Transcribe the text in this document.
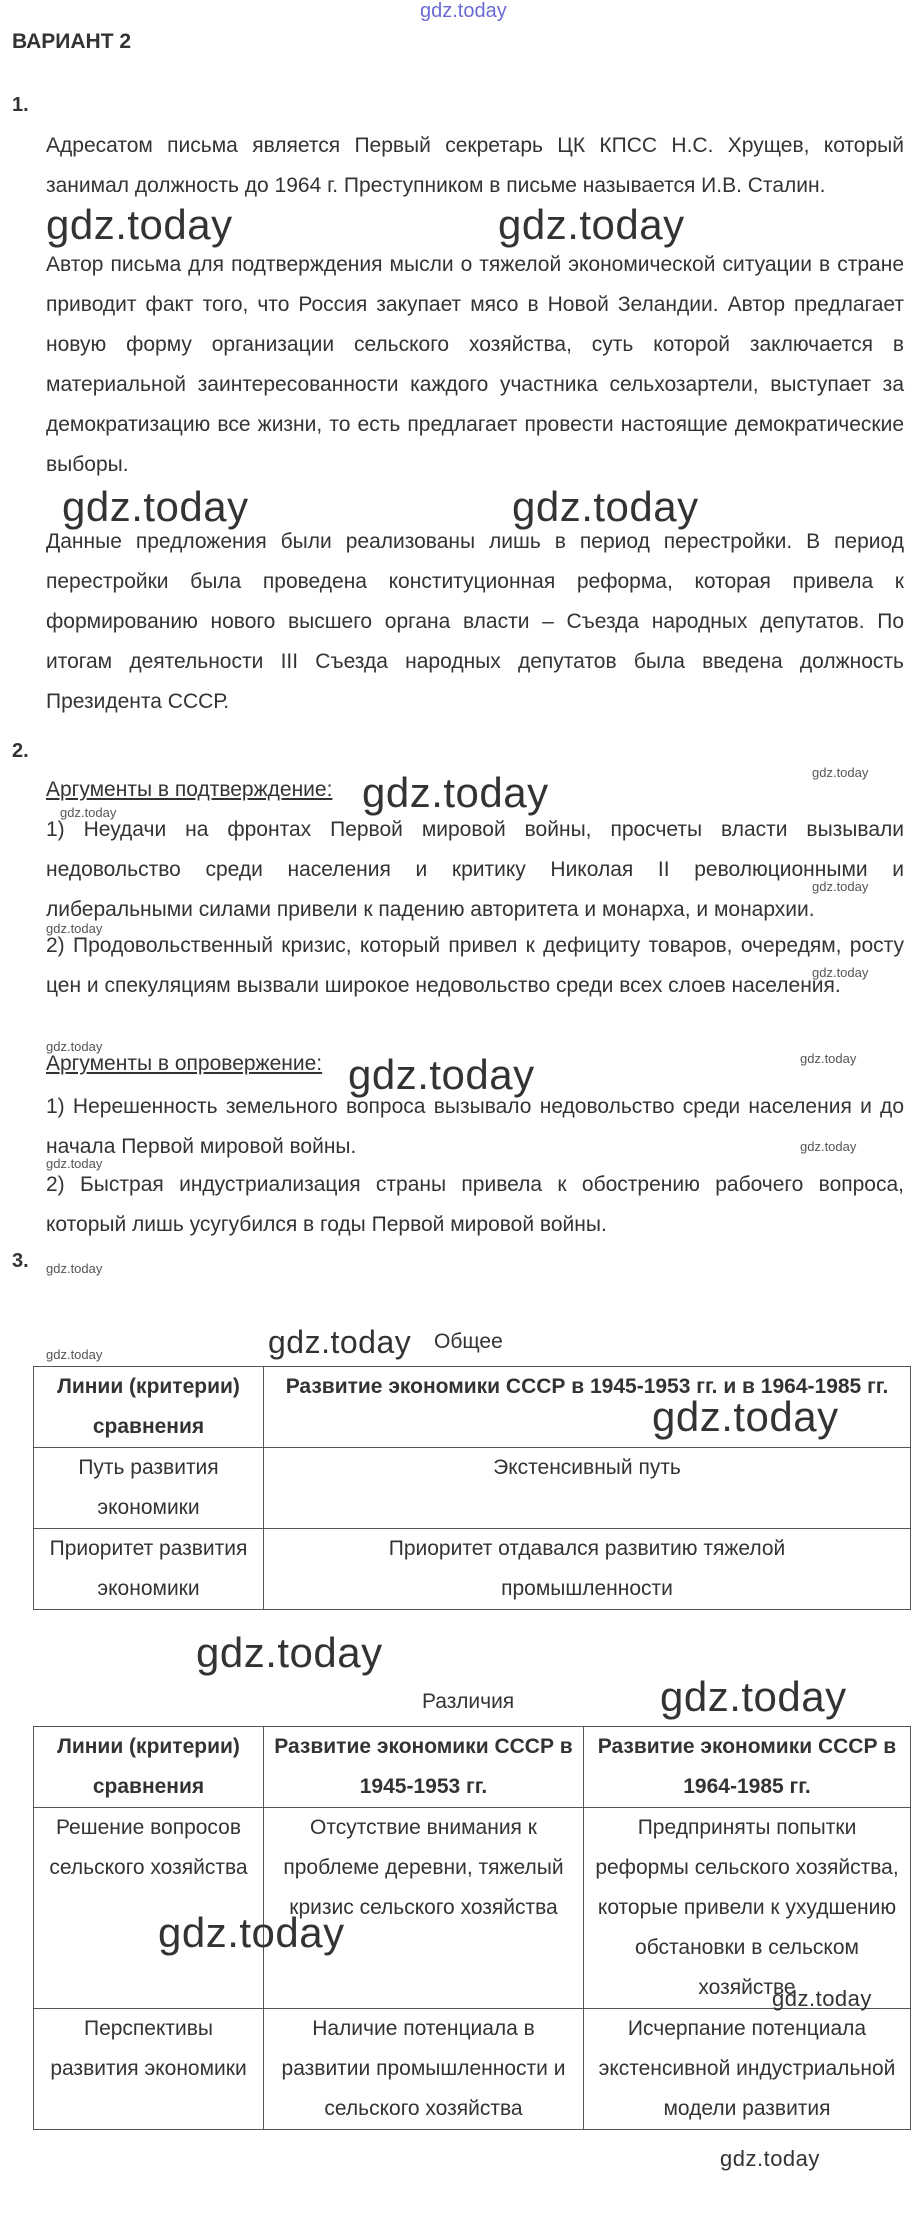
gdz.today
ВАРИАНТ 2
1.

Адресатом письма является Первый секретарь ЦК КПСС Н.С. Хрущев, который занимал должность до 1964 г. Преступником в письме называется И.В. Сталин.

gdz.today	gdz.today

Автор письма для подтверждения мысли о тяжелой экономической ситуации в стране приводит факт того, что Россия закупает мясо в Новой Зеландии. Автор предлагает новую форму организации сельского хозяйства, суть которой заключается в материальной заинтересованности каждого участника сельхозартели, выступает за демократизацию все жизни, то есть предлагает провести настоящие демократические выборы.

gdz.today	gdz.today

Данные предложения были реализованы лишь в период перестройки. В период перестройки была проведена конституционная реформа, которая привела к формированию нового высшего органа власти – Съезда народных депутатов. По итогам деятельности III Съезда народных депутатов была введена должность Президента СССР.

2.
Аргументы в подтверждение: gdz.today	gdz.today
gdz.today

1) Неудачи на фронтах Первой мировой войны, просчеты власти вызывали недовольство среди населения и критику Николая II революционными и либеральными силами привели к падению авторитета и монарха, и монархии.

gdz.today
gdz.today

2) Продовольственный кризис, который привел к дефициту товаров, очередям, росту цен и спекуляциям вызвали широкое недовольство среди всех слоев населения.

gdz.today
gdz.today
Аргументы в опровержение: gdz.today	gdz.today

1) Нерешенность земельного вопроса вызывало недовольство среди населения и до начала Первой мировой войны.	gdz.today
gdz.today

2) Быстрая индустриализация страны привела к обострению рабочего вопроса, который лишь усугубился в годы Первой мировой войны.

3. gdz.today
gdz.today	gdz.today Общее
Линии (критерии) сравнения	Развитие экономики СССР в 1945-1953 гг. и в 1964-1985 гг.
Путь развития экономики	Экстенсивный путь
Приоритет развития экономики	Приоритет отдавался развитию тяжелой промышленности
gdz.today
gdz.today
Различия	gdz.today
Линии (критерии) сравнения	Развитие экономики СССР в 1945-1953 гг.	Развитие экономики СССР в 1964-1985 гг.
Решение вопросов сельского хозяйства	Отсутствие внимания к проблеме деревни, тяжелый кризис сельского хозяйства	Предприняты попытки реформы сельского хозяйства, которые привели к ухудшению обстановки в сельском хозяйстве
Перспективы развития экономики	Наличие потенциала в развитии промышленности и сельского хозяйства	Исчерпание потенциала экстенсивной индустриальной модели развития
gdz.today
gdz.today
gdz.today
